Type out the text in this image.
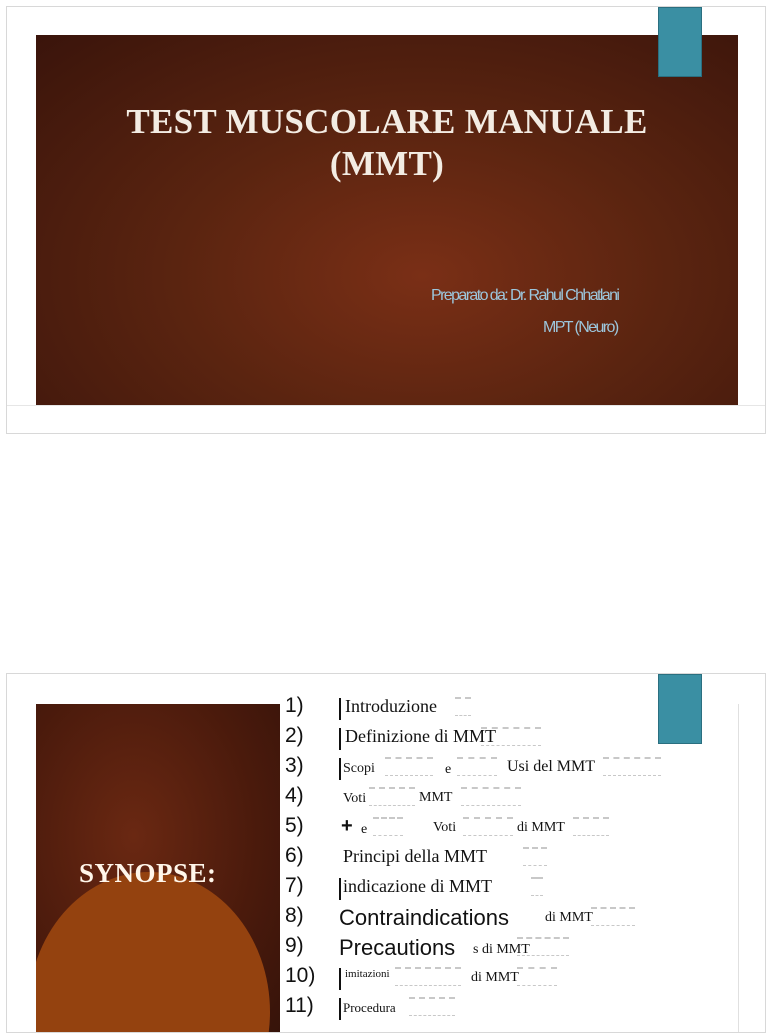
TEST MUSCOLARE MANUALE
(MMT)
Preparato da: Dr. Rahul Chhatlani
MPT (Neuro)
SYNOPSE:
1)	Introduzione
2)	Definizione di MMT
3)	Scopi	e	Usi del MMT
4)	Voti	MMT
5)	+ e	Voti	di MMT
6)	Principi della MMT
7)	indicazione di MMT
8)	Contraindications	di MMT
9)	Precautions s di MMT
10)	imitazioni	di MMT
11)	Procedura
